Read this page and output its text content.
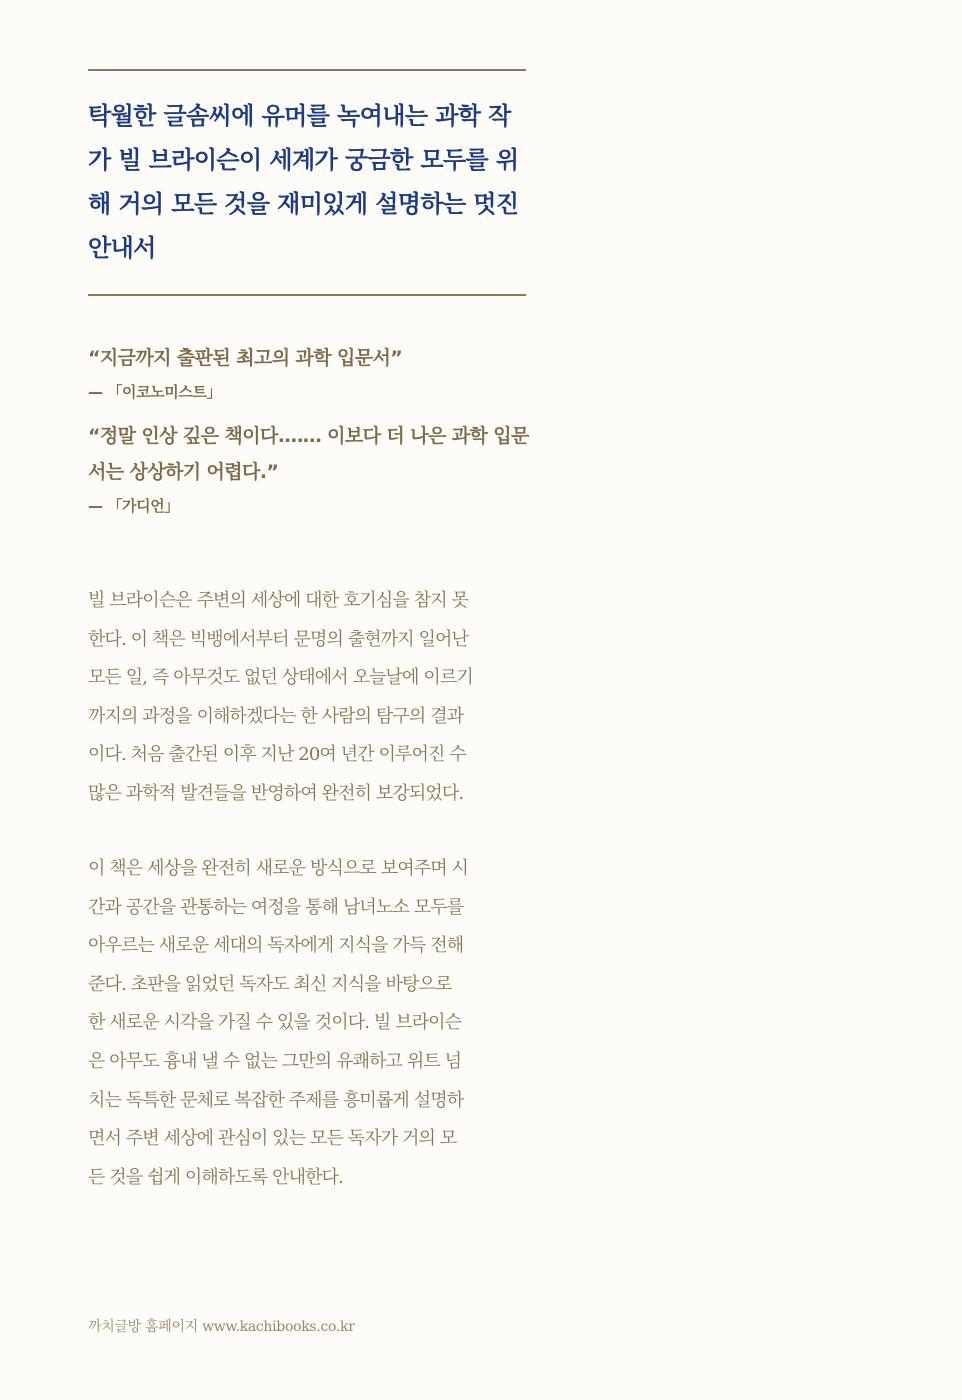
탁월한 글솜씨에 유머를 녹여내는 과학 작
가 빌 브라이슨이 세계가 궁금한 모두를 위
해 거의 모든 것을 재미있게 설명하는 멋진
안내서
“지금까지 출판된 최고의 과학 입문서”
— 「이코노미스트」
“정말 인상 깊은 책이다.…… 이보다 더 나은 과학 입문
서는 상상하기 어렵다.”
— 「가디언」
빌 브라이슨은 주변의 세상에 대한 호기심을 참지 못
한다. 이 책은 빅뱅에서부터 문명의 출현까지 일어난
모든 일, 즉 아무것도 없던 상태에서 오늘날에 이르기
까지의 과정을 이해하겠다는 한 사람의 탐구의 결과
이다. 처음 출간된 이후 지난 20여 년간 이루어진 수
많은 과학적 발견들을 반영하여 완전히 보강되었다.
이 책은 세상을 완전히 새로운 방식으로 보여주며 시
간과 공간을 관통하는 여정을 통해 남녀노소 모두를
아우르는 새로운 세대의 독자에게 지식을 가득 전해
준다. 초판을 읽었던 독자도 최신 지식을 바탕으로
한 새로운 시각을 가질 수 있을 것이다. 빌 브라이슨
은 아무도 흉내 낼 수 없는 그만의 유쾌하고 위트 넘
치는 독특한 문체로 복잡한 주제를 흥미롭게 설명하
면서 주변 세상에 관심이 있는 모든 독자가 거의 모
든 것을 쉽게 이해하도록 안내한다.
까치글방 홈페이지 www.kachibooks.co.kr
